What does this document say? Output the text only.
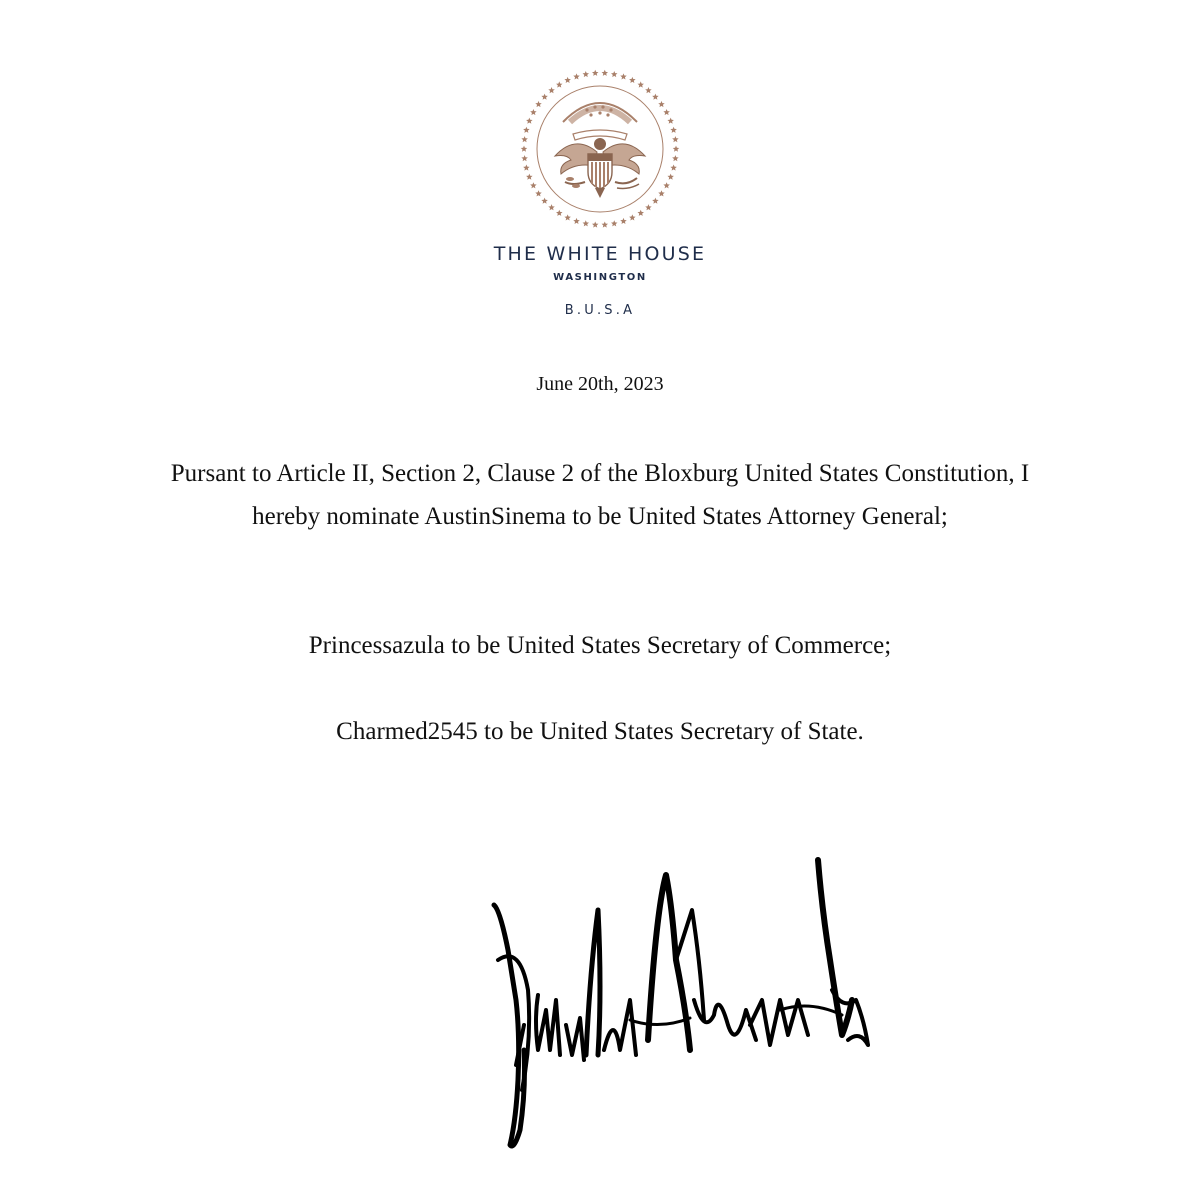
THE WHITE HOUSE
WASHINGTON
B.U.S.A
June 20th, 2023
Pursant to Article II, Section 2, Clause 2 of the Bloxburg United States Constitution, I hereby nominate AustinSinema to be United States Attorney General;
Princessazula to be United States Secretary of Commerce;
Charmed2545 to be United States Secretary of State.
